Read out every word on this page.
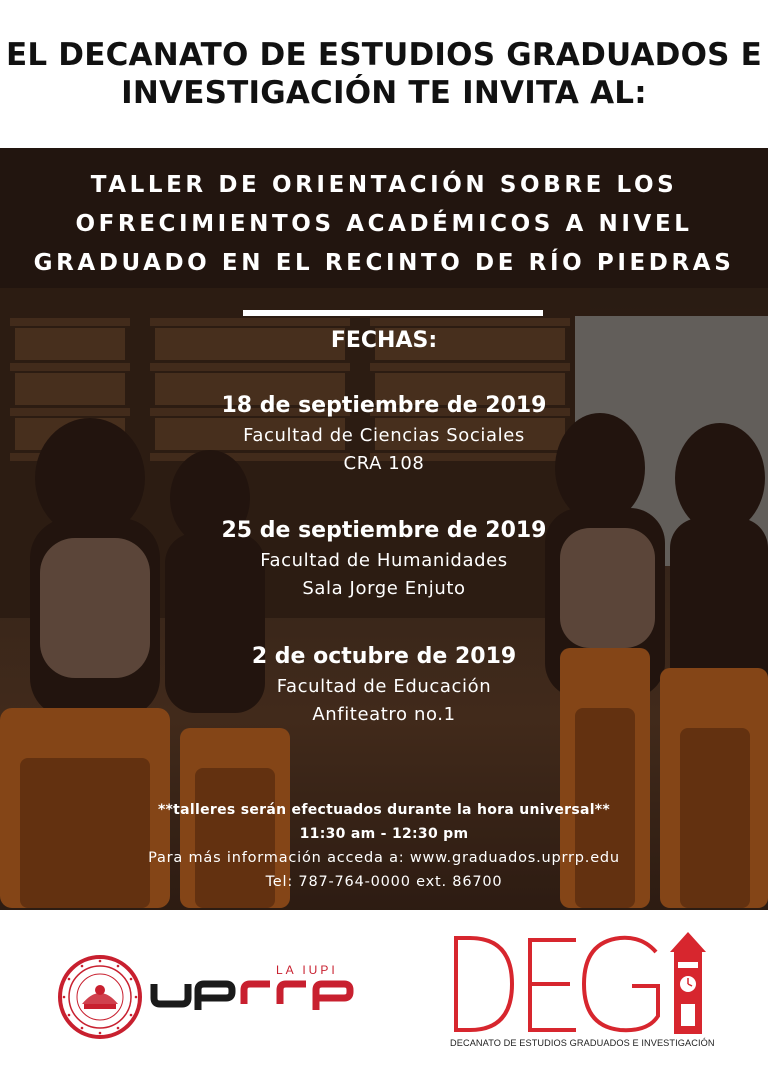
EL DECANATO DE ESTUDIOS GRADUADOS E
INVESTIGACIÓN TE INVITA AL:
TALLER DE ORIENTACIÓN SOBRE LOS
OFRECIMIENTOS ACADÉMICOS A NIVEL
GRADUADO EN EL RECINTO DE RÍO PIEDRAS
FECHAS:
18 de septiembre de 2019
Facultad de Ciencias Sociales
CRA 108
25 de septiembre de 2019
Facultad de Humanidades
Sala Jorge Enjuto
2 de octubre de 2019
Facultad de Educación
Anfiteatro no.1
**talleres serán efectuados durante la hora universal**
11:30 am - 12:30 pm
Para más información acceda a: www.graduados.uprrp.edu
Tel: 787-764-0000 ext. 86700
LA IUPI
DECANATO DE ESTUDIOS GRADUADOS E INVESTIGACIÓN
